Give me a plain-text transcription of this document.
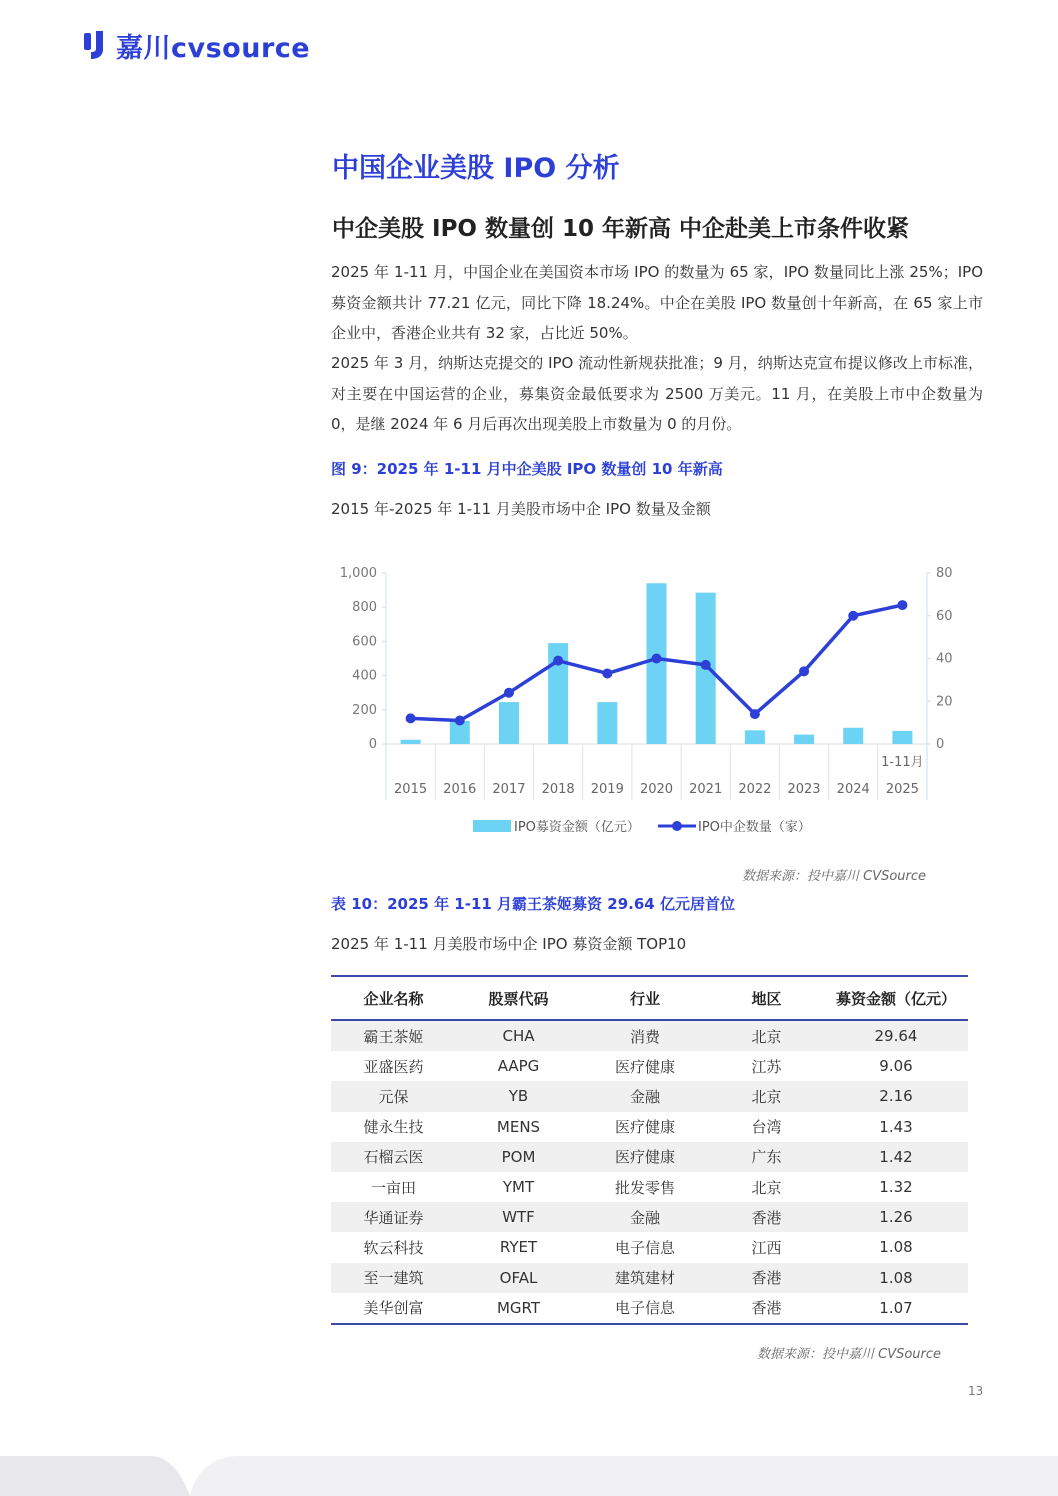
嘉川cvsource
中国企业美股 IPO 分析
中企美股 IPO 数量创 10 年新高 中企赴美上市条件收紧

2025 年 1-11 月，中国企业在美国资本市场 IPO 的数量为 65 家，IPO 数量同比上涨 25%；IPO 募资金额共计 77.21 亿元，同比下降 18.24%。中企在美股 IPO 数量创十年新高，在 65 家上市企业中，香港企业共有 32 家，占比近 50%。

2025 年 3 月，纳斯达克提交的 IPO 流动性新规获批准；9 月，纳斯达克宣布提议修改上市标准，对主要在中国运营的企业，募集资金最低要求为 2500 万美元。11 月，在美股上市中企数量为 0，是继 2024 年 6 月后再次出现美股上市数量为 0 的月份。

图 9：2025 年 1-11 月中企美股 IPO 数量创 10 年新高
2015 年-2025 年 1-11 月美股市场中企 IPO 数量及金额
0
200
400
600
800
1,000
0
20
40
60
80
2015 2016 2017 2018 2019 2020 2021 2022 2023 2024 2025
1-11月
IPO募资金额（亿元）	IPO中企数量（家）
数据来源：投中嘉川 CVSource
表 10：2025 年 1-11 月霸王茶姬募资 29.64 亿元居首位
2025 年 1-11 月美股市场中企 IPO 募资金额 TOP10
企业名称	股票代码	行业	地区	募资金额（亿元）
霸王茶姬	CHA	消费	北京	29.64
亚盛医药	AAPG	医疗健康	江苏	9.06
元保	YB	金融	北京	2.16
健永生技	MENS	医疗健康	台湾	1.43
石榴云医	POM	医疗健康	广东	1.42
一亩田	YMT	批发零售	北京	1.32
华通证券	WTF	金融	香港	1.26
软云科技	RYET	电子信息	江西	1.08
至一建筑	OFAL	建筑建材	香港	1.08
美华创富	MGRT	电子信息	香港	1.07
数据来源：投中嘉川 CVSource
13
